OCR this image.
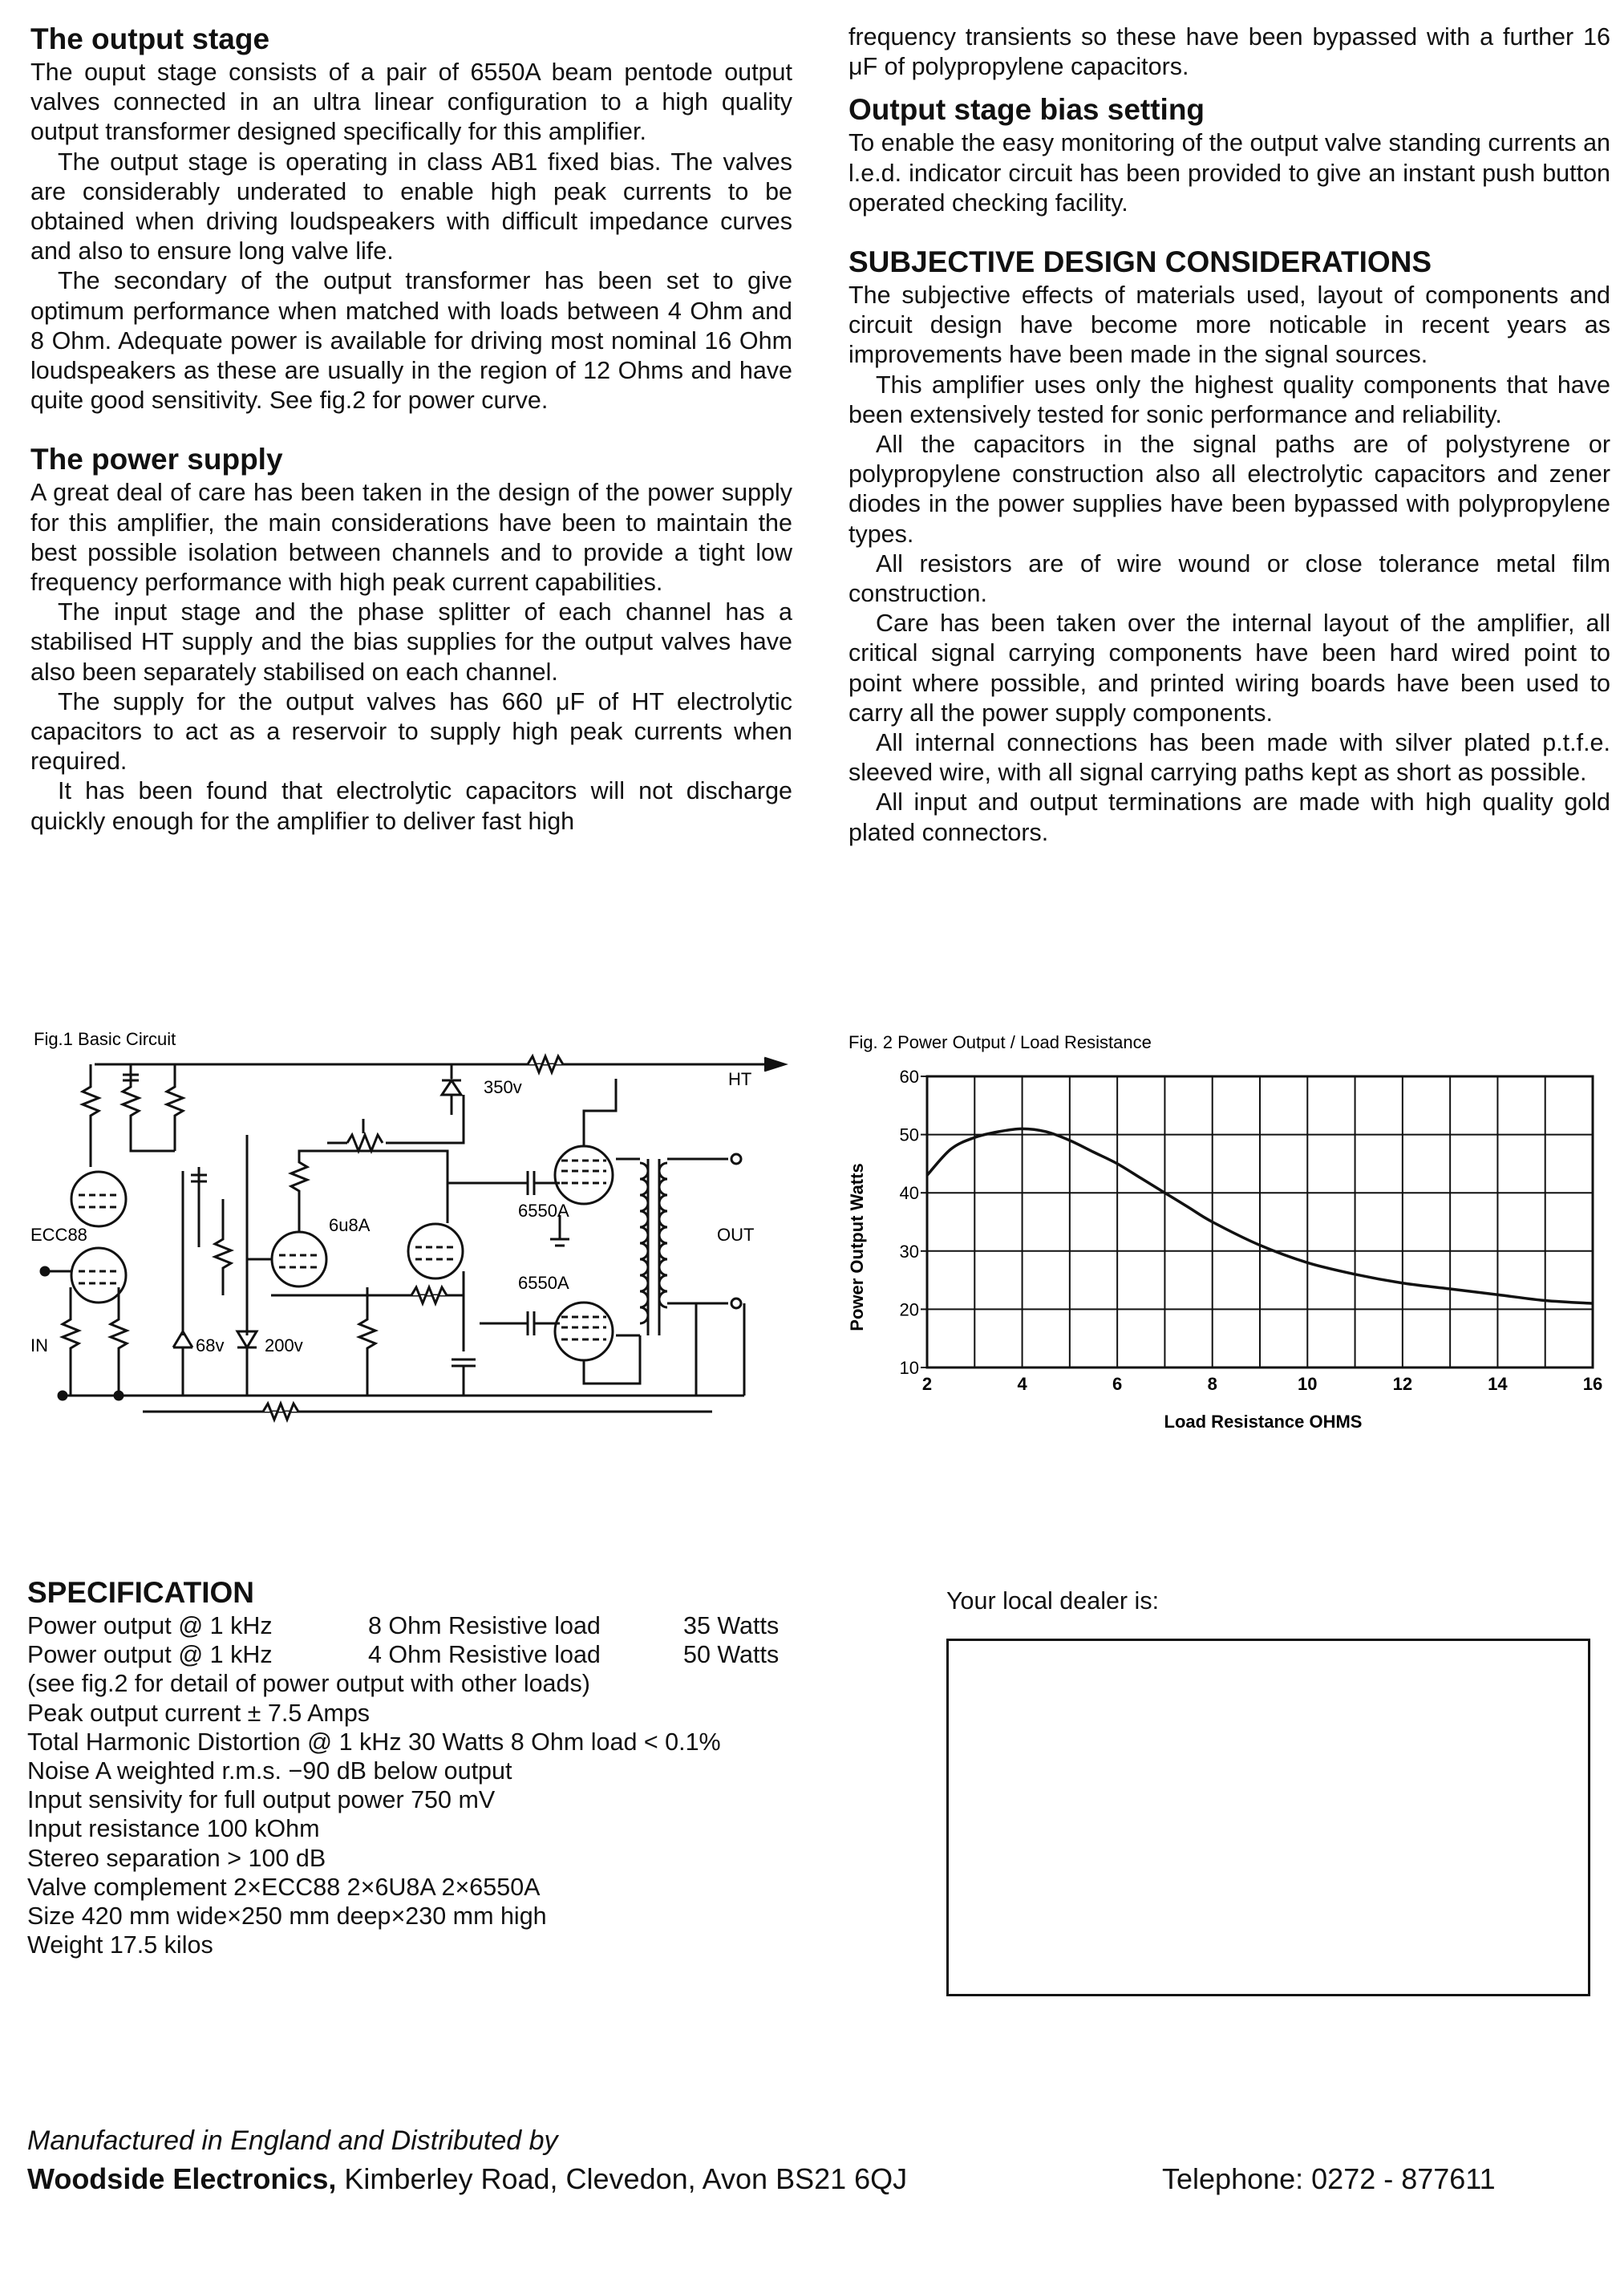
The output stage

The ouput stage consists of a pair of 6550A beam pentode output valves connected in an ultra linear configuration to a high quality output transformer designed specifically for this amplifier.

The output stage is operating in class AB1 fixed bias. The valves are considerably underated to enable high peak currents to be obtained when driving loudspeakers with difficult impedance curves and also to ensure long valve life.

The secondary of the output transformer has been set to give optimum performance when matched with loads between 4 Ohm and 8 Ohm. Adequate power is available for driving most nominal 16 Ohm loudspeakers as these are usually in the region of 12 Ohms and have quite good sensitivity. See fig.2 for power curve.

The power supply

A great deal of care has been taken in the design of the power supply for this amplifier, the main considerations have been to maintain the best possible isolation between channels and to provide a tight low frequency performance with high peak current capabilities.

The input stage and the phase splitter of each channel has a stabilised HT supply and the bias supplies for the output valves have also been separately stabilised on each channel.

The supply for the output valves has 660 μF of HT electrolytic capacitors to act as a reservoir to supply high peak currents when required.

It has been found that electrolytic capacitors will not discharge quickly enough for the amplifier to deliver fast high

frequency transients so these have been bypassed with a further 16 μF of polypropylene capacitors.

Output stage bias setting

To enable the easy monitoring of the output valve standing currents an l.e.d. indicator circuit has been provided to give an instant push button operated checking facility.

SUBJECTIVE DESIGN CONSIDERATIONS

The subjective effects of materials used, layout of components and circuit design have become more noticable in recent years as improvements have been made in the signal sources.

This amplifier uses only the highest quality components that have been extensively tested for sonic performance and reliability.

All the capacitors in the signal paths are of polystyrene or polypropylene construction also all electrolytic capacitors and zener diodes in the power supplies have been bypassed with polypropylene types.

All resistors are of wire wound or close tolerance metal film construction.

Care has been taken over the internal layout of the amplifier, all critical signal carrying components have been hard wired point to point where possible, and printed wiring boards have been used to carry all the power supply components.

All internal connections has been made with silver plated p.t.f.e. sleeved wire, with all signal carrying paths kept as short as possible.

All input and output terminations are made with high quality gold plated connectors.

Fig.1 Basic Circuit
350v	HT
6550A
6u8A
ECC88	OUT
6550A
IN	68v 200v
Fig. 2 Power Output / Load Resistance
10
20
30
40
50
60
2	4	6	8	10	12	14	16
Load Resistance OHMS
Power Output Watts
SPECIFICATION
Power output @ 1 kHz	8 Ohm Resistive load	35 Watts
Power output @ 1 kHz	4 Ohm Resistive load	50 Watts
(see fig.2 for detail of power output with other loads)
Peak output current ± 7.5 Amps
Total Harmonic Distortion @ 1 kHz 30 Watts 8 Ohm load < 0.1%
Noise A weighted r.m.s. −90 dB below output
Input sensivity for full output power 750 mV
Input resistance 100 kOhm
Stereo separation > 100 dB
Valve complement 2×ECC88 2×6U8A 2×6550A
Size 420 mm wide×250 mm deep×230 mm high
Weight 17.5 kilos
Your local dealer is:
Manufactured in England and Distributed by
Woodside Electronics, Kimberley Road, Clevedon, Avon BS21 6QJ	Telephone: 0272 - 877611
